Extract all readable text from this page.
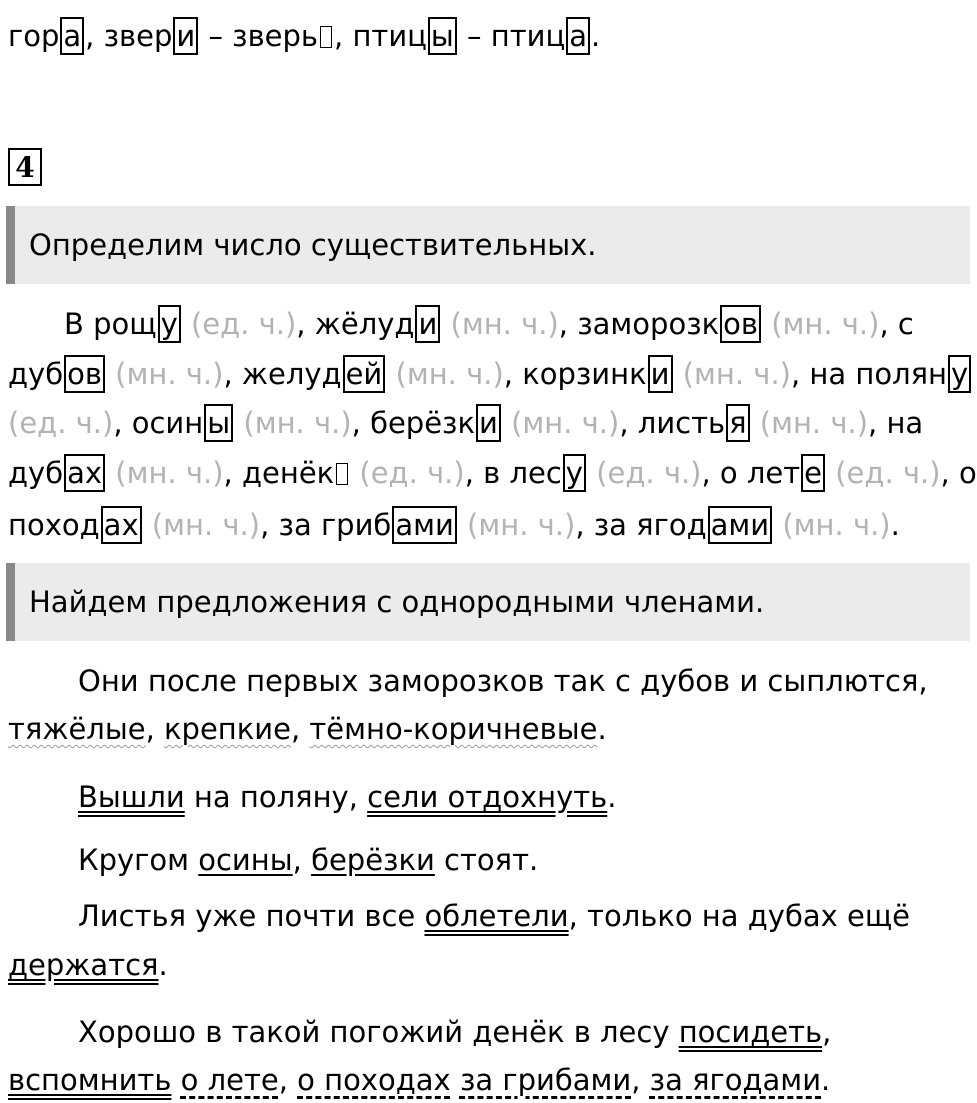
гор а , звер и – зверь , птиц ы – птиц а .
4
Определим число существительных.
В рощ у (ед. ч.), жёлуд и (мн. ч.), заморозк ов (мн. ч.), с
дуб ов (мн. ч.), желуд ей (мн. ч.), корзинк и (мн. ч.), на полян у
(ед. ч.), осин ы (мн. ч.), берёзк и (мн. ч.), листь я (мн. ч.), на
дуб ах (мн. ч.), денёк (ед. ч.), в лес у (ед. ч.), о лет е (ед. ч.), о
поход ах (мн. ч.), за гриб ами (мн. ч.), за ягод ами (мн. ч.).
Найдем предложения с однородными членами.
Они после первых заморозков так с дубов и сыплются,
тяжёлые, крепкие, тёмно-коричневые.
Вышли на поляну, сели отдохнуть.
Кругом осины, берёзки стоят.
Листья уже почти все облетели, только на дубах ещё
держатся.
Хорошо в такой погожий денёк в лесу посидеть,
вспомнить о лете, о походах за грибами, за ягодами.
